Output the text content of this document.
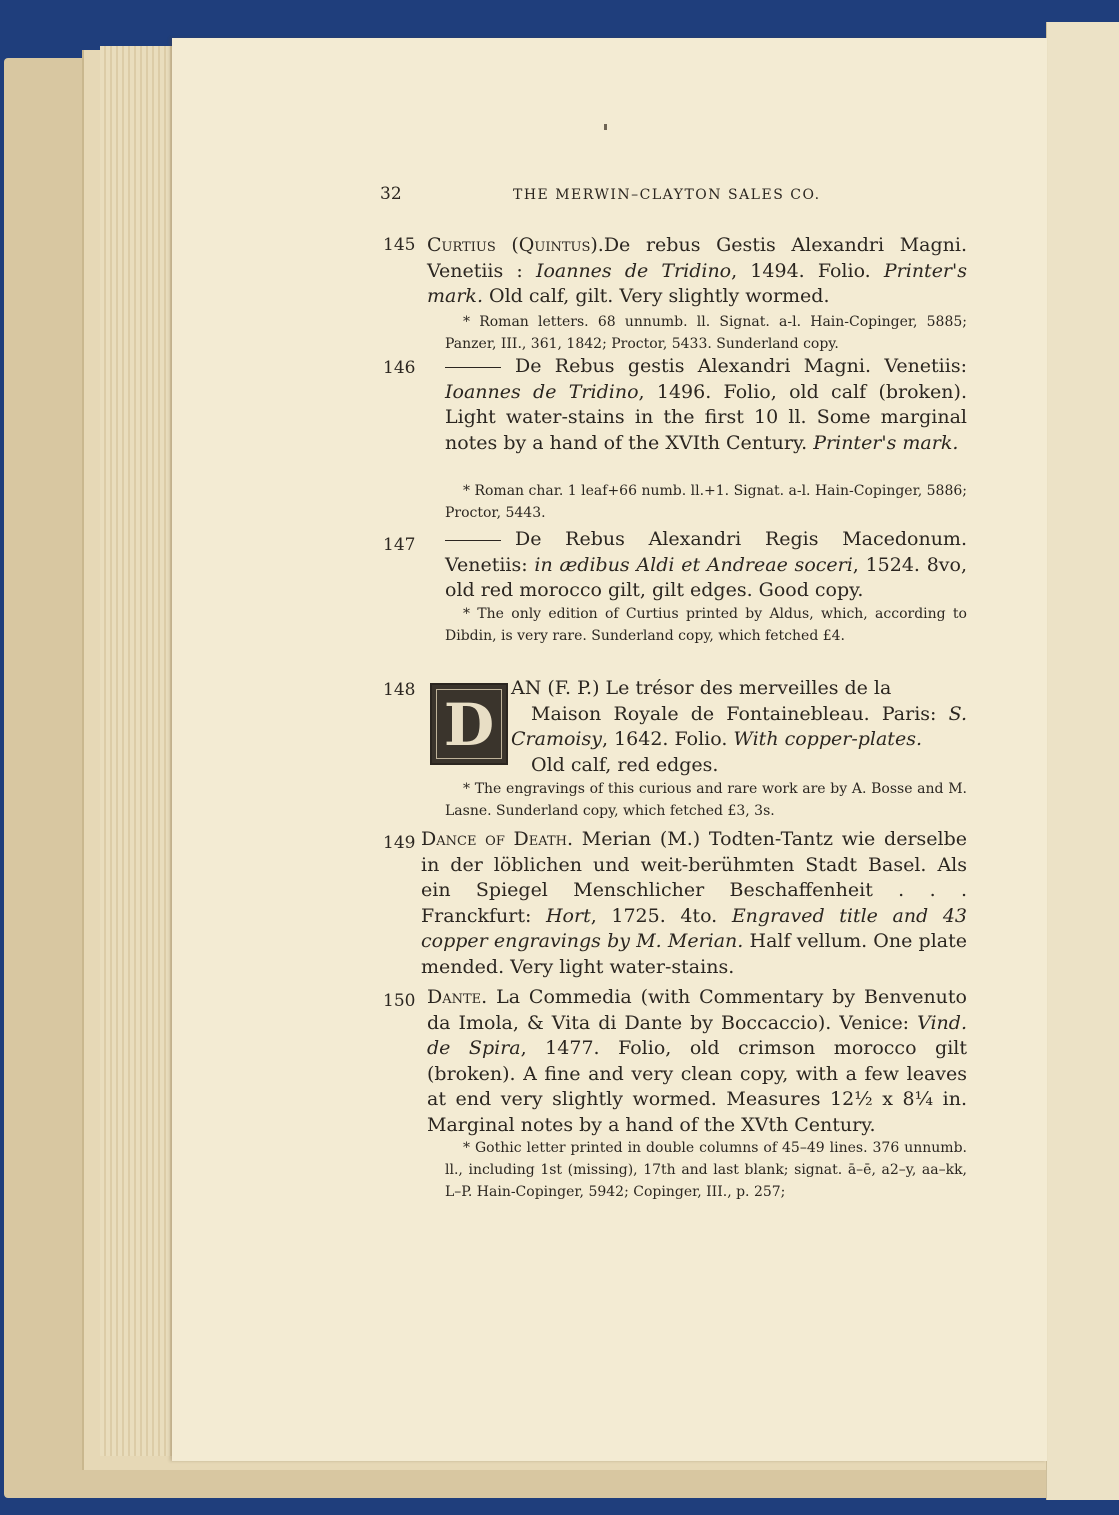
32	THE MERWIN–CLAYTON SALES CO.
145 Curtius (Quintus).De rebus Gestis Alexandri Magni. Venetiis : Ioannes de Tridino, 1494. Folio. Printer's mark. Old calf, gilt. Very slightly wormed.
* Roman letters. 68 unnumb. ll. Signat. a-l. Hain-Copinger, 5885; Panzer, III., 361, 1842; Proctor, 5433. Sunderland copy.
146	De Rebus gestis Alexandri Magni. Venetiis: Ioannes de Tridino, 1496. Folio, old calf (broken). Light water-stains in the first 10 ll. Some marginal notes by a hand of the XVIth Century. Printer's mark.
* Roman char. 1 leaf+66 numb. ll.+1. Signat. a-l. Hain-Copinger, 5886; Proctor, 5443.
147	De Rebus Alexandri Regis Macedonum. Venetiis: in ædibus Aldi et Andreae soceri, 1524. 8vo, old red morocco gilt, gilt edges. Good copy.
* The only edition of Curtius printed by Aldus, which, according to Dibdin, is very rare. Sunderland copy, which fetched £4.
D
148	AN (F. P.) Le trésor des merveilles de la
Maison Royale de Fontainebleau. Paris: S. Cramoisy, 1642. Folio. With copper-plates.
Old calf, red edges.
* The engravings of this curious and rare work are by A. Bosse and M. Lasne. Sunderland copy, which fetched £3, 3s.
149 Dance of Death. Merian (M.) Todten-Tantz wie derselbe in der löblichen und weit-berühmten Stadt Basel. Als ein Spiegel Menschlicher Beschaffenheit . . . Franckfurt: Hort, 1725. 4to. Engraved title and 43 copper engravings by M. Merian. Half vellum. One plate mended. Very light water-stains.
150 Dante. La Commedia (with Commentary by Benvenuto da Imola, & Vita di Dante by Boccaccio). Venice: Vind. de Spira, 1477. Folio, old crimson morocco gilt (broken). A fine and very clean copy, with a few leaves at end very slightly wormed. Measures 12½ x 8¼ in. Marginal notes by a hand of the XVth Century.
* Gothic letter printed in double columns of 45–49 lines. 376 unnumb. ll., including 1st (missing), 17th and last blank; signat. ā–ē, a2–y, aa–kk, L–P. Hain-Copinger, 5942; Copinger, III., p. 257;
